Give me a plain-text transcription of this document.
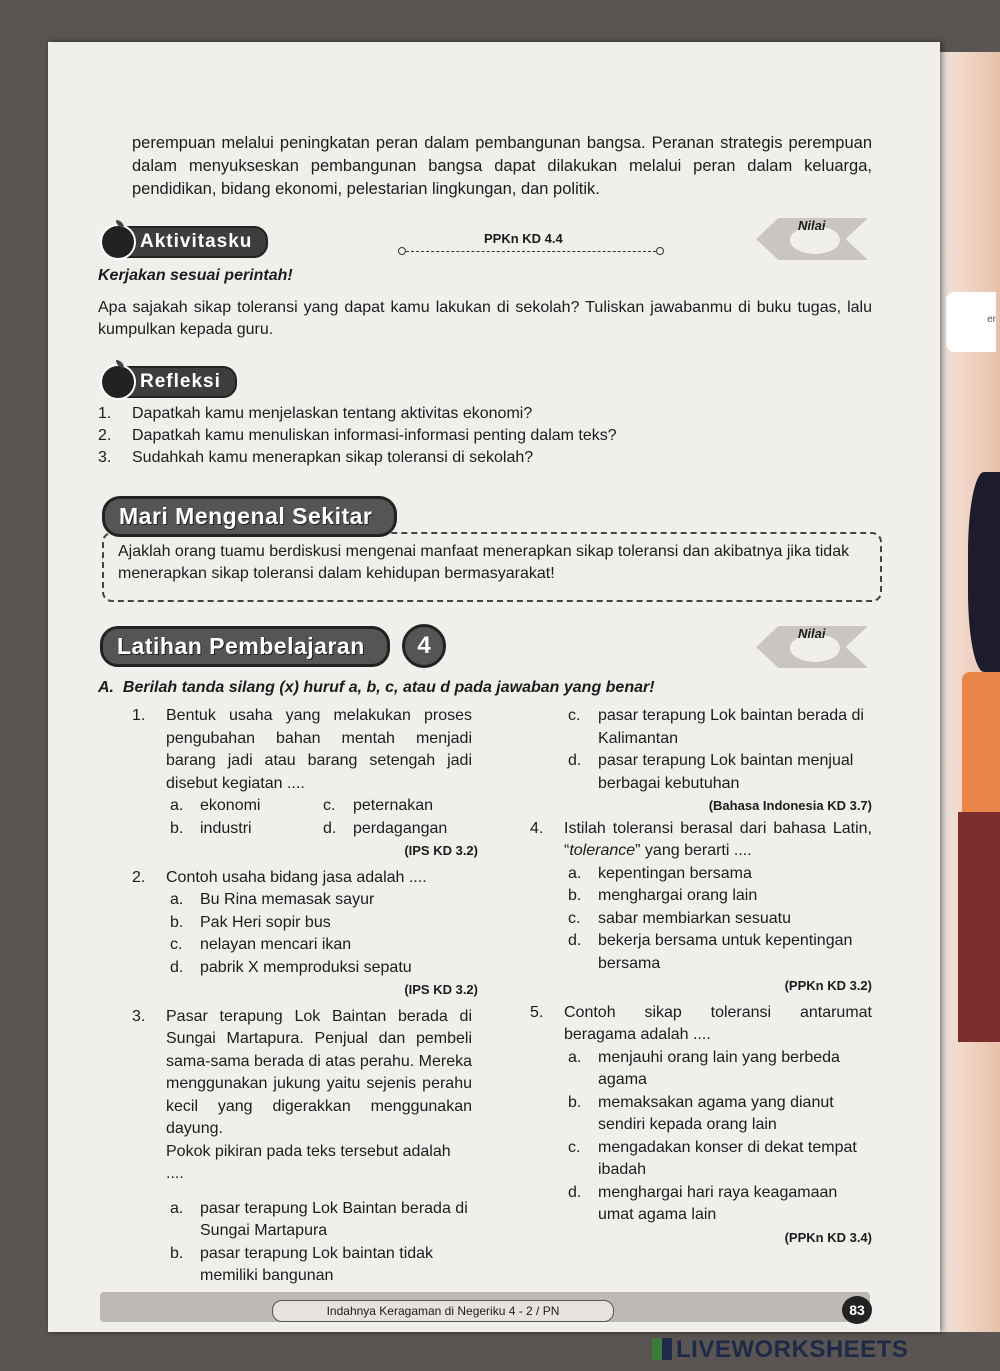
er
perempuan melalui peningkatan peran dalam pembangunan bangsa. Peranan strategis perempuan dalam menyukseskan pembangunan bangsa dapat dilakukan melalui peran dalam keluarga, pendidikan, bidang ekonomi, pelestarian lingkungan, dan politik.
Aktivitasku	PPKn KD 4.4
Nilai
Kerjakan sesuai perintah!
Apa sajakah sikap toleransi yang dapat kamu lakukan di sekolah? Tuliskan jawabanmu di buku tugas, lalu kumpulkan kepada guru.
Refleksi
1. Dapatkah kamu menjelaskan tentang aktivitas ekonomi?
2. Dapatkah kamu menuliskan informasi-informasi penting dalam teks?
3. Sudahkah kamu menerapkan sikap toleransi di sekolah?
Mari Mengenal Sekitar
Ajaklah orang tuamu berdiskusi mengenai manfaat menerapkan sikap toleransi dan akibatnya jika tidak menerapkan sikap toleransi dalam kehidupan bermasyarakat!
Latihan Pembelajaran	4	Nilai
A. Berilah tanda silang (x) huruf a, b, c, atau d pada jawaban yang benar!
1. Bentuk usaha yang melakukan proses pengubahan bahan mentah menjadi barang jadi atau barang setengah jadi disebut kegiatan ....
a. ekonomi
b. industri
c. peternakan
d. perdagangan
(IPS KD 3.2)
2. Contoh usaha bidang jasa adalah ....
a. Bu Rina memasak sayur
b. Pak Heri sopir bus
c. nelayan mencari ikan
d. pabrik X memproduksi sepatu
(IPS KD 3.2)
3. Pasar terapung Lok Baintan berada di Sungai Martapura. Penjual dan pembeli sama-sama berada di atas perahu. Mereka menggunakan jukung yaitu sejenis perahu kecil yang digerakkan menggunakan dayung.
Pokok pikiran pada teks tersebut adalah ....
a. pasar terapung Lok Baintan berada di Sungai Martapura
b. pasar terapung Lok baintan tidak memiliki bangunan
c. pasar terapung Lok baintan berada di Kalimantan
d. pasar terapung Lok baintan menjual berbagai kebutuhan
(Bahasa Indonesia KD 3.7)
4. Istilah toleransi berasal dari bahasa Latin, “tolerance” yang berarti ....
a. kepentingan bersama
b. menghargai orang lain
c. sabar membiarkan sesuatu
d. bekerja bersama untuk kepentingan bersama
(PPKn KD 3.2)
5. Contoh sikap toleransi antarumat beragama adalah ....
a. menjauhi orang lain yang berbeda agama
b. memaksakan agama yang dianut sendiri kepada orang lain
c. mengadakan konser di dekat tempat ibadah
d. menghargai hari raya keagamaan umat agama lain
(PPKn KD 3.4)
Indahnya Keragaman di Negeriku 4 - 2 / PN	83
LIVEWORKSHEETS
